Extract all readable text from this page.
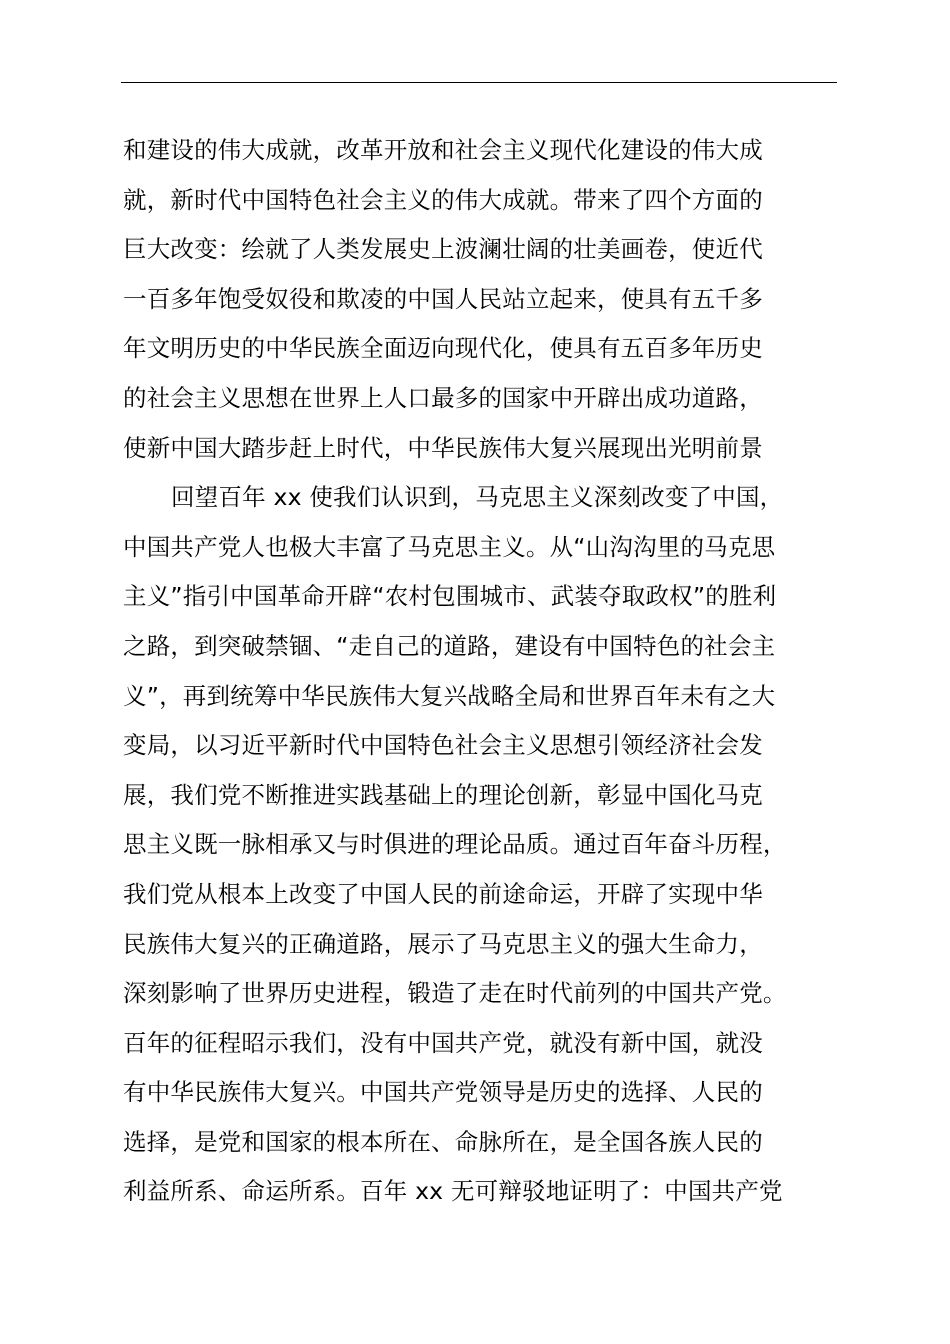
和建设的伟大成就，改革开放和社会主义现代化建设的伟大成
就，新时代中国特色社会主义的伟大成就。带来了四个方面的
巨大改变：绘就了人类发展史上波澜壮阔的壮美画卷，使近代
一百多年饱受奴役和欺凌的中国人民站立起来，使具有五千多
年文明历史的中华民族全面迈向现代化，使具有五百多年历史
的社会主义思想在世界上人口最多的国家中开辟出成功道路，
使新中国大踏步赶上时代，中华民族伟大复兴展现出光明前景
回望百年 xx 使我们认识到，马克思主义深刻改变了中国，
中国共产党人也极大丰富了马克思主义。从“山沟沟里的马克思
主义”指引中国革命开辟“农村包围城市、武装夺取政权”的胜利
之路，到突破禁锢、“走自己的道路，建设有中国特色的社会主
义”，再到统筹中华民族伟大复兴战略全局和世界百年未有之大
变局，以习近平新时代中国特色社会主义思想引领经济社会发
展，我们党不断推进实践基础上的理论创新，彰显中国化马克
思主义既一脉相承又与时俱进的理论品质。通过百年奋斗历程，
我们党从根本上改变了中国人民的前途命运，开辟了实现中华
民族伟大复兴的正确道路，展示了马克思主义的强大生命力，
深刻影响了世界历史进程，锻造了走在时代前列的中国共产党。
百年的征程昭示我们，没有中国共产党，就没有新中国，就没
有中华民族伟大复兴。中国共产党领导是历史的选择、人民的
选择，是党和国家的根本所在、命脉所在，是全国各族人民的
利益所系、命运所系。百年 xx 无可辩驳地证明了：中国共产党
